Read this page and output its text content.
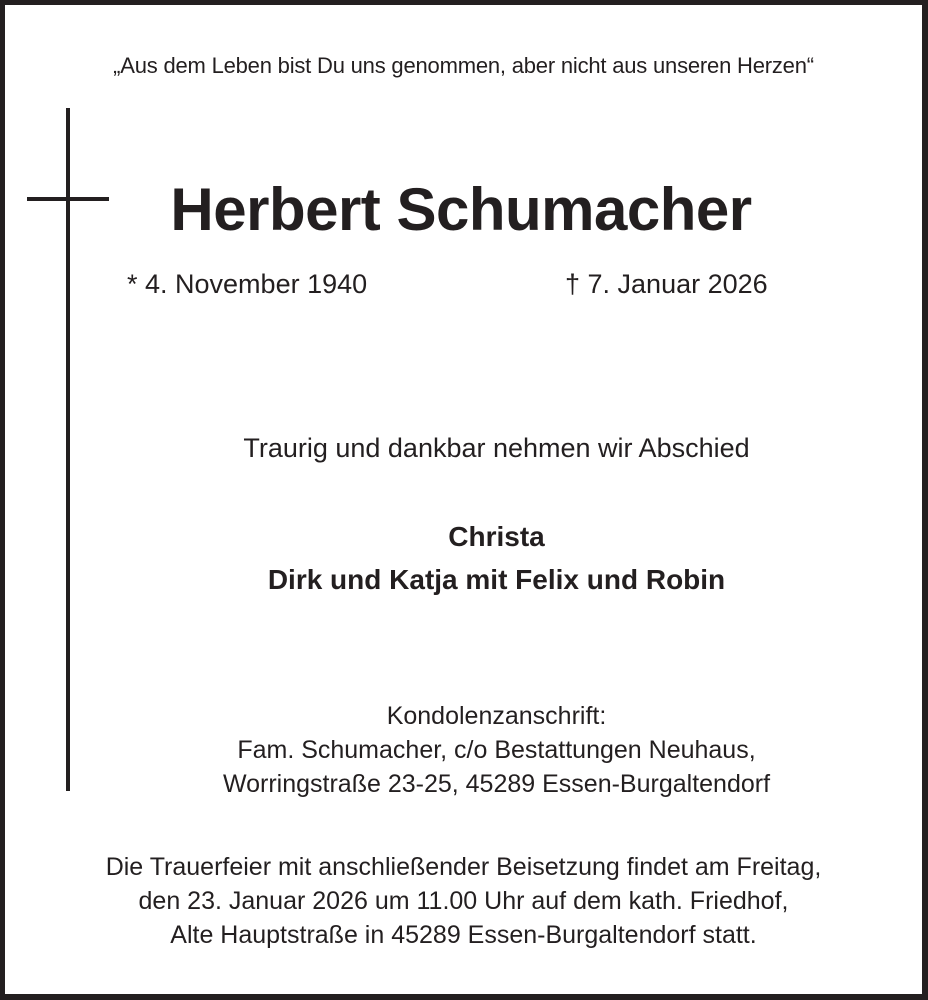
„Aus dem Leben bist Du uns genommen, aber nicht aus unseren Herzen“
Herbert Schumacher
* 4. November 1940	† 7. Januar 2026
Traurig und dankbar nehmen wir Abschied
Christa
Dirk und Katja mit Felix und Robin
Kondolenzanschrift:
Fam. Schumacher, c/o Bestattungen Neuhaus,
Worringstraße 23-25, 45289 Essen-Burgaltendorf
Die Trauerfeier mit anschließender Beisetzung findet am Freitag,
den 23. Januar 2026 um 11.00 Uhr auf dem kath. Friedhof,
Alte Hauptstraße in 45289 Essen-Burgaltendorf statt.
